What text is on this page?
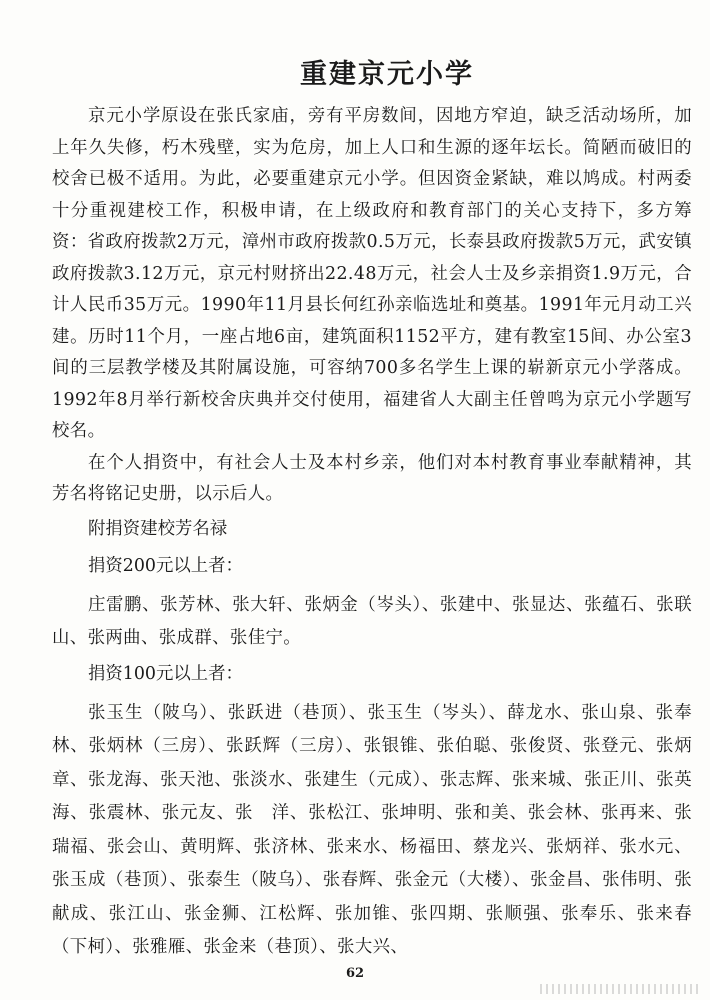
重建京元小学

京元小学原设在张氏家庙，旁有平房数间，因地方窄迫，缺乏活动场所，加上年久失修，朽木残壁，实为危房，加上人口和生源的逐年坛长。简陋而破旧的校舍已极不适用。为此，必要重建京元小学。但因资金紧缺，难以鸠成。村两委十分重视建校工作，积极申请，在上级政府和教育部门的关心支持下，多方筹资：省政府拨款2万元，漳州市政府拨款0.5万元，长泰县政府拨款5万元，武安镇政府拨款3.12万元，京元村财挤出22.48万元，社会人士及乡亲捐资1.9万元，合计人民币35万元。1990年11月县长何红孙亲临选址和奠基。1991年元月动工兴建。历时11个月，一座占地6亩，建筑面积1152平方，建有教室15间、办公室3间的三层教学楼及其附属设施，可容纳700多名学生上课的崭新京元小学落成。1992年8月举行新校舍庆典并交付使用，福建省人大副主任曾鸣为京元小学题写校名。

在个人捐资中，有社会人士及本村乡亲，他们对本村教育事业奉献精神，其芳名将铭记史册，以示后人。

附捐资建校芳名禄
捐资200元以上者：

庄雷鹏、张芳林、张大轩、张炳金（岑头）、张建中、张显达、张蕴石、张联山、张两曲、张成群、张佳宁。

捐资100元以上者：

张玉生（陂乌）、张跃进（巷顶）、张玉生（岑头）、薛龙水、张山泉、张奉林、张炳林（三房）、张跃辉（三房）、张银锥、张伯聪、张俊贤、张登元、张炳章、张龙海、张天池、张淡水、张建生（元成）、张志辉、张来城、张正川、张英海、张震林、张元友、张　洋、张松江、张坤明、张和美、张会林、张再来、张瑞福、张会山、黄明辉、张济林、张来水、杨福田、蔡龙兴、张炳祥、张水元、张玉成（巷顶）、张泰生（陂乌）、张春辉、张金元（大楼）、张金昌、张伟明、张献成、张江山、张金狮、江松辉、张加锥、张四期、张顺强、张奉乐、张来春（下柯）、张雅雁、张金来（巷顶）、张大兴、

62
